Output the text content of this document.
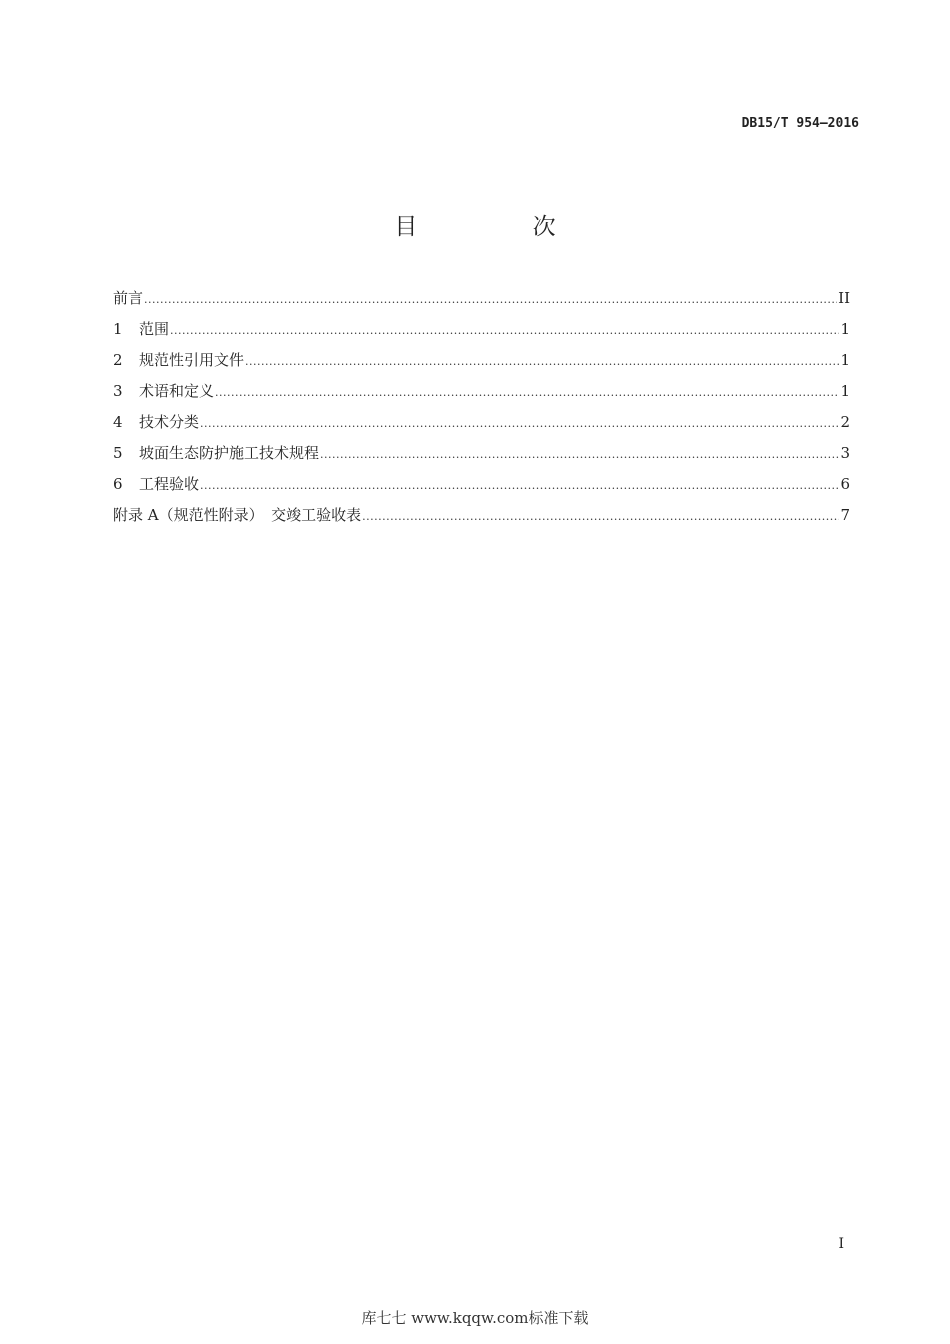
DB15/T 954—2016
目 次
前言 .....	II
1	范围 .....	1
2	规范性引用文件 .....	1
3	术语和定义 .....	1
4	技术分类 .....	2
5	坡面生态防护施工技术规程 .....	3
6	工程验收 .....	6
附录 A（规范性附录）　交竣工验收表 .....	7
I
库七七 www.kqqw.com标准下载
